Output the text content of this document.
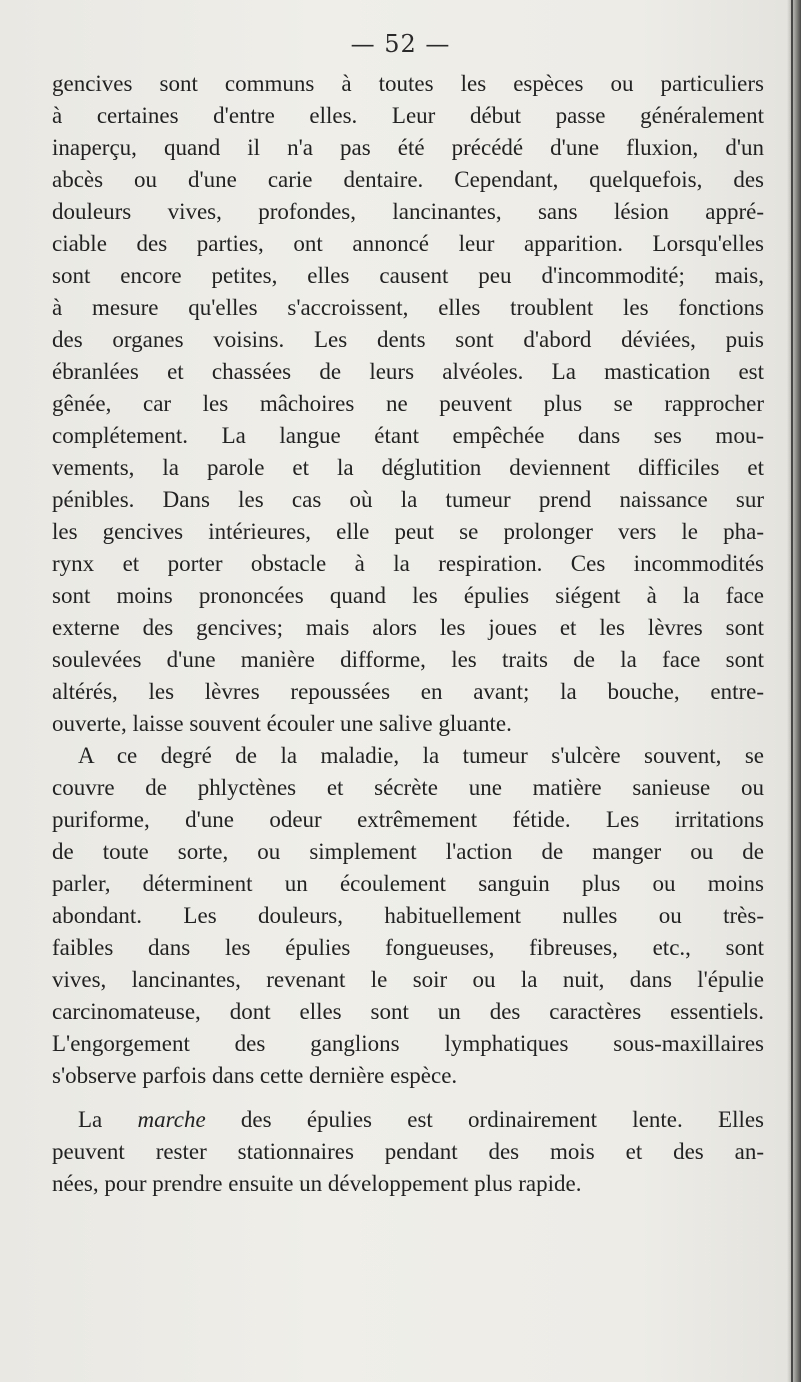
— 52 —
gencives sont communs à toutes les espèces ou particuliers
à certaines d'entre elles. Leur début passe généralement
inaperçu, quand il n'a pas été précédé d'une fluxion, d'un
abcès ou d'une carie dentaire. Cependant, quelquefois, des
douleurs vives, profondes, lancinantes, sans lésion appré-
ciable des parties, ont annoncé leur apparition. Lorsqu'elles
sont encore petites, elles causent peu d'incommodité; mais,
à mesure qu'elles s'accroissent, elles troublent les fonctions
des organes voisins. Les dents sont d'abord déviées, puis
ébranlées et chassées de leurs alvéoles. La mastication est
gênée, car les mâchoires ne peuvent plus se rapprocher
complétement. La langue étant empêchée dans ses mou-
vements, la parole et la déglutition deviennent difficiles et
pénibles. Dans les cas où la tumeur prend naissance sur
les gencives intérieures, elle peut se prolonger vers le pha-
rynx et porter obstacle à la respiration. Ces incommodités
sont moins prononcées quand les épulies siégent à la face
externe des gencives; mais alors les joues et les lèvres sont
soulevées d'une manière difforme, les traits de la face sont
altérés, les lèvres repoussées en avant; la bouche, entre-
ouverte, laisse souvent écouler une salive gluante.
A ce degré de la maladie, la tumeur s'ulcère souvent, se
couvre de phlyctènes et sécrète une matière sanieuse ou
puriforme, d'une odeur extrêmement fétide. Les irritations
de toute sorte, ou simplement l'action de manger ou de
parler, déterminent un écoulement sanguin plus ou moins
abondant. Les douleurs, habituellement nulles ou très-
faibles dans les épulies fongueuses, fibreuses, etc., sont
vives, lancinantes, revenant le soir ou la nuit, dans l'épulie
carcinomateuse, dont elles sont un des caractères essentiels.
L'engorgement des ganglions lymphatiques sous-maxillaires
s'observe parfois dans cette dernière espèce.
La marche des épulies est ordinairement lente. Elles
peuvent rester stationnaires pendant des mois et des an-
nées, pour prendre ensuite un développement plus rapide.
